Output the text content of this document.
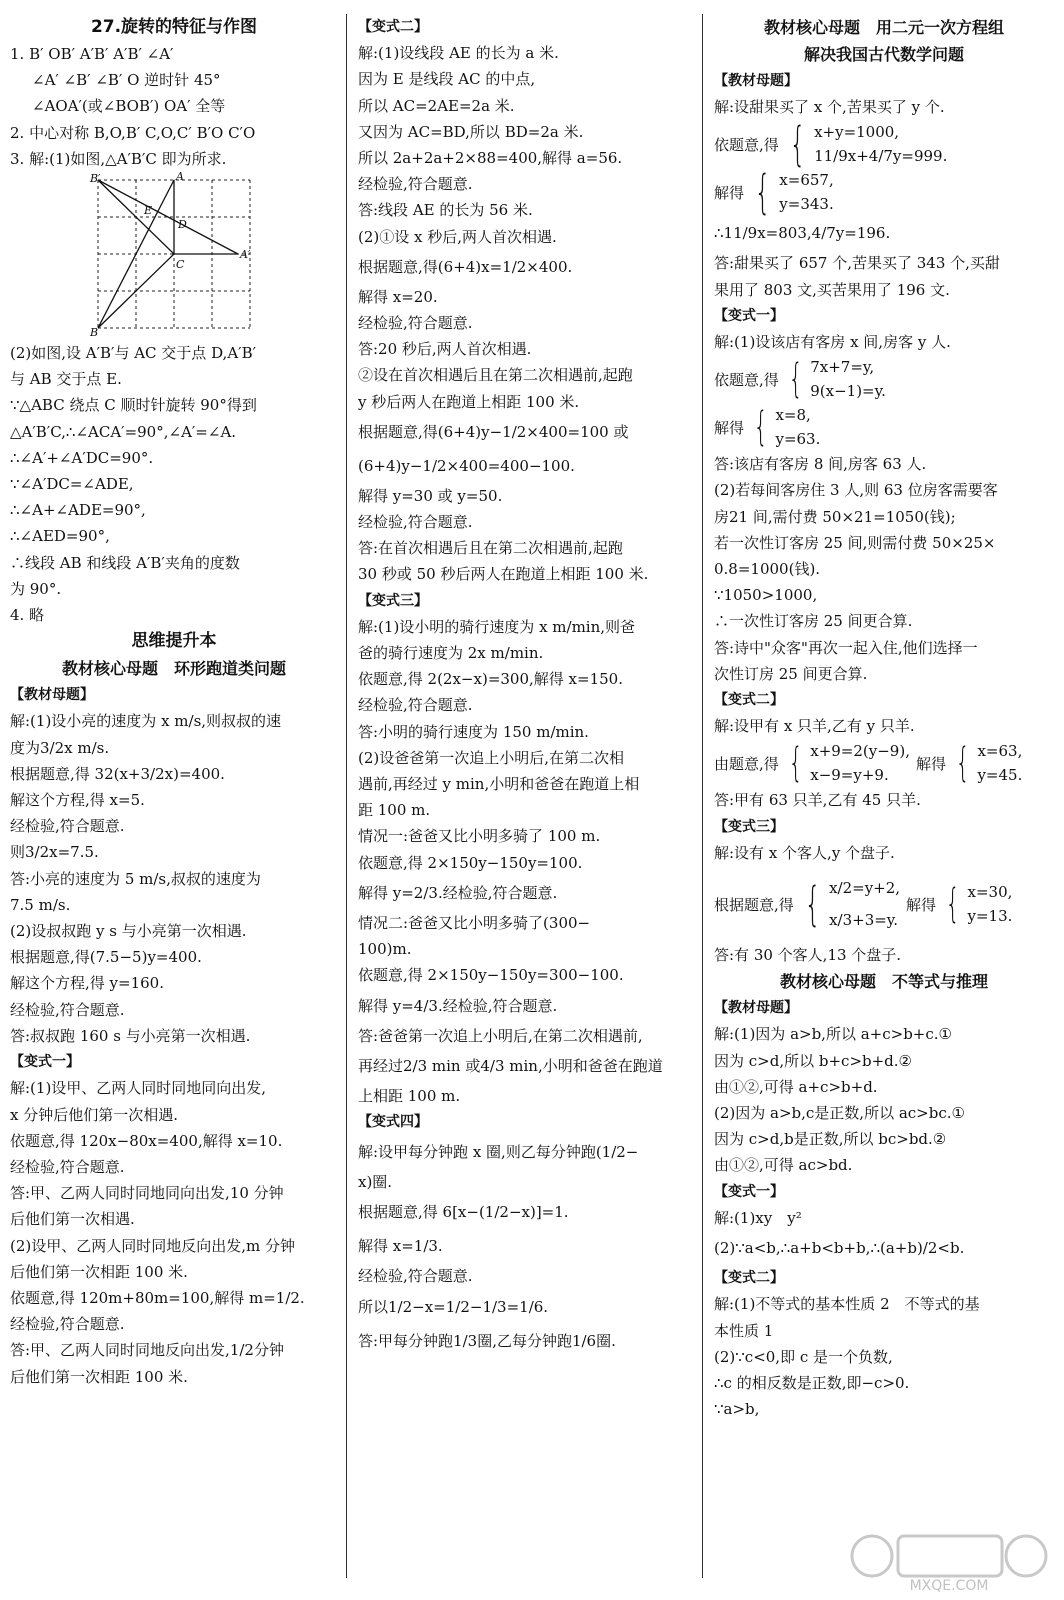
27.旋转的特征与作图
1. B′ OB′ A′B′ A′B′ ∠A′
∠A′ ∠B′ ∠B′ O 逆时针 45°
∠AOA′(或∠BOB′) OA′ 全等
2. 中心对称 B,O,B′ C,O,C′ B′O C′O
3. 解:(1)如图,△A′B′C 即为所求.
B′	A
E
D
C
A′
B
(2)如图,设 A′B′与 AC 交于点 D,A′B′
与 AB 交于点 E.
∵△ABC 绕点 C 顺时针旋转 90°得到
△A′B′C,∴∠ACA′=90°,∠A′=∠A.
∴∠A′+∠A′DC=90°.
∵∠A′DC=∠ADE,
∴∠A+∠ADE=90°,
∴∠AED=90°,
∴线段 AB 和线段 A′B′夹角的度数
为 90°.
4. 略
思维提升本
教材核心母题　环形跑道类问题
【教材母题】
解:(1)设小亮的速度为 x m/s,则叔叔的速
度为3/2x m/s.
根据题意,得 32(x+3/2x)=400.
解这个方程,得 x=5.
经检验,符合题意.
则3/2x=7.5.
答:小亮的速度为 5 m/s,叔叔的速度为
7.5 m/s.
(2)设叔叔跑 y s 与小亮第一次相遇.
根据题意,得(7.5−5)y=400.
解这个方程,得 y=160.
经检验,符合题意.
答:叔叔跑 160 s 与小亮第一次相遇.
【变式一】
解:(1)设甲、乙两人同时同地同向出发,
x 分钟后他们第一次相遇.
依题意,得 120x−80x=400,解得 x=10.
经检验,符合题意.
答:甲、乙两人同时同地同向出发,10 分钟
后他们第一次相遇.
(2)设甲、乙两人同时同地反向出发,m 分钟
后他们第一次相距 100 米.
依题意,得 120m+80m=100,解得 m=1/2.
经检验,符合题意.
答:甲、乙两人同时同地反向出发,1/2分钟
后他们第一次相距 100 米.
【变式二】
解:(1)设线段 AE 的长为 a 米.
因为 E 是线段 AC 的中点,
所以 AC=2AE=2a 米.
又因为 AC=BD,所以 BD=2a 米.
所以 2a+2a+2×88=400,解得 a=56.
经检验,符合题意.
答:线段 AE 的长为 56 米.
(2)①设 x 秒后,两人首次相遇.
根据题意,得(6+4)x=1/2×400.
解得 x=20.
经检验,符合题意.
答:20 秒后,两人首次相遇.
②设在首次相遇后且在第二次相遇前,起跑
y 秒后两人在跑道上相距 100 米.
根据题意,得(6+4)y−1/2×400=100 或
(6+4)y−1/2×400=400−100.
解得 y=30 或 y=50.
经检验,符合题意.
答:在首次相遇后且在第二次相遇前,起跑
30 秒或 50 秒后两人在跑道上相距 100 米.
【变式三】
解:(1)设小明的骑行速度为 x m/min,则爸
爸的骑行速度为 2x m/min.
依题意,得 2(2x−x)=300,解得 x=150.
经检验,符合题意.
答:小明的骑行速度为 150 m/min.
(2)设爸爸第一次追上小明后,在第二次相
遇前,再经过 y min,小明和爸爸在跑道上相
距 100 m.
情况一:爸爸又比小明多骑了 100 m.
依题意,得 2×150y−150y=100.
解得 y=2/3.经检验,符合题意.
情况二:爸爸又比小明多骑了(300−
100)m.
依题意,得 2×150y−150y=300−100.
解得 y=4/3.经检验,符合题意.
答:爸爸第一次追上小明后,在第二次相遇前,
再经过2/3 min 或4/3 min,小明和爸爸在跑道
上相距 100 m.
【变式四】
解:设甲每分钟跑 x 圈,则乙每分钟跑(1/2−
x)圈.
根据题意,得 6[x−(1/2−x)]=1.
解得 x=1/3.
经检验,符合题意.
所以1/2−x=1/2−1/3=1/6.
答:甲每分钟跑1/3圈,乙每分钟跑1/6圈.
教材核心母题　用二元一次方程组
解决我国古代数学问题
【教材母题】
解:设甜果买了 x 个,苦果买了 y 个.
依题意,得 { x+y=1000,
11/9x+4/7y=999.
解得 { x=657,
y=343.
∴11/9x=803,4/7y=196.
答:甜果买了 657 个,苦果买了 343 个,买甜
果用了 803 文,买苦果用了 196 文.
【变式一】
解:(1)设该店有客房 x 间,房客 y 人.
依题意,得 { 7x+7=y,
9(x−1)=y.
解得 { x=8,
y=63.
答:该店有客房 8 间,房客 63 人.
(2)若每间客房住 3 人,则 63 位房客需要客
房21 间,需付费 50×21=1050(钱);
若一次性订客房 25 间,则需付费 50×25×
0.8=1000(钱).
∵1050>1000,
∴一次性订客房 25 间更合算.
答:诗中"众客"再次一起入住,他们选择一
次性订房 25 间更合算.
【变式二】
解:设甲有 x 只羊,乙有 y 只羊.
由题意,得 { x+9=2(y−9),
x−9=y+9.
解得 { x=63,
y=45.
答:甲有 63 只羊,乙有 45 只羊.
【变式三】
解:设有 x 个客人,y 个盘子.
根据题意,得 { x/2=y+2,
x/3+3=y.
解得 { x=30,
y=13.
答:有 30 个客人,13 个盘子.
教材核心母题　不等式与推理
【教材母题】
解:(1)因为 a>b,所以 a+c>b+c.①
因为 c>d,所以 b+c>b+d.②
由①②,可得 a+c>b+d.
(2)因为 a>b,c是正数,所以 ac>bc.①
因为 c>d,b是正数,所以 bc>bd.②
由①②,可得 ac>bd.
【变式一】
解:(1)xy　y²
(2)∵a<b,∴a+b<b+b,∴(a+b)/2<b.
【变式二】
解:(1)不等式的基本性质 2　不等式的基
本性质 1
(2)∵c<0,即 c 是一个负数,
∴c 的相反数是正数,即−c>0.
∵a>b,
MXQE.COM
